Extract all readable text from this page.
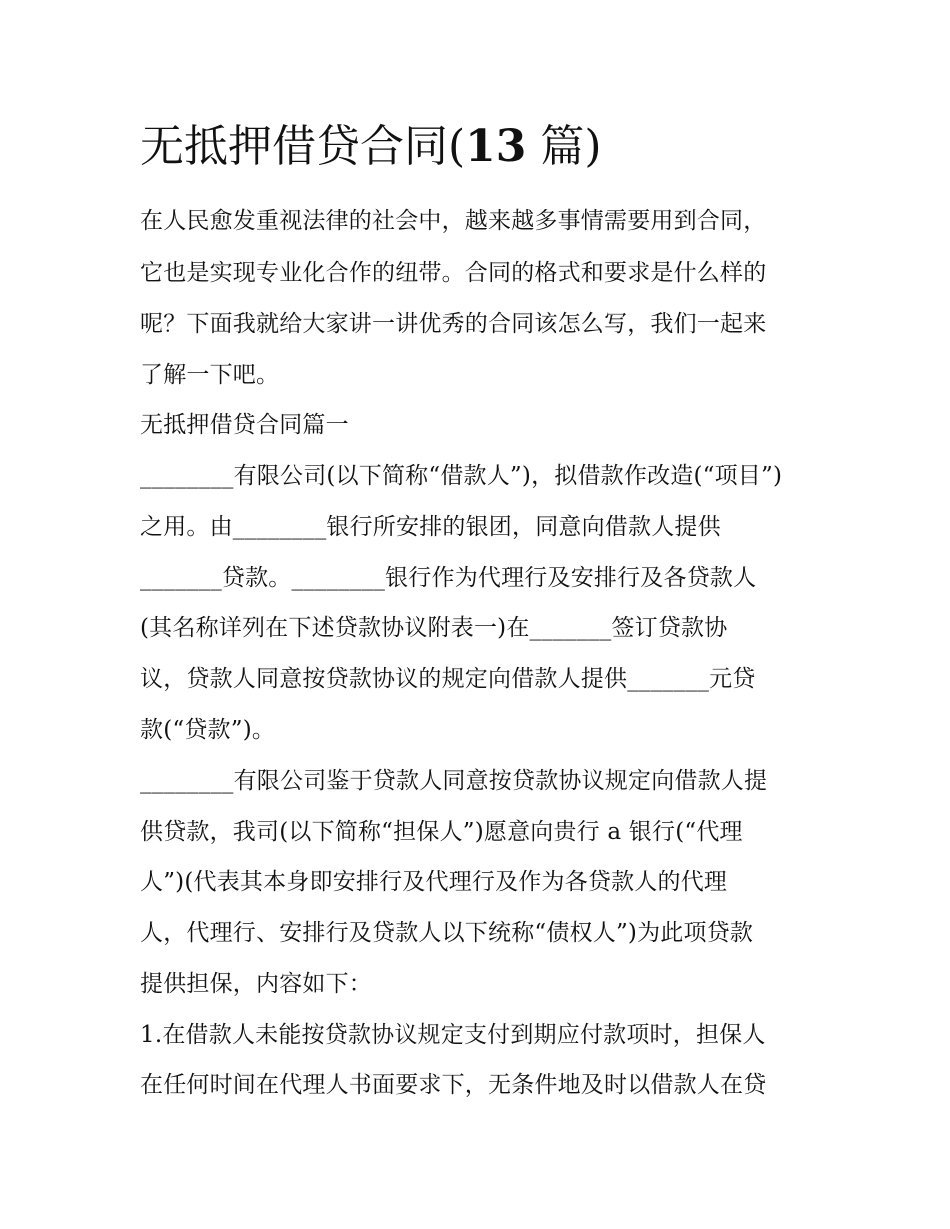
无抵押借贷合同(13 篇)
在人民愈发重视法律的社会中，越来越多事情需要用到合同，
它也是实现专业化合作的纽带。合同的格式和要求是什么样的
呢？下面我就给大家讲一讲优秀的合同该怎么写，我们一起来
了解一下吧。
无抵押借贷合同篇一
________有限公司(以下简称“借款人”)，拟借款作改造(“项目”)
之用。由________银行所安排的银团，同意向借款人提供
_______贷款。________银行作为代理行及安排行及各贷款人
(其名称详列在下述贷款协议附表一)在_______签订贷款协
议，贷款人同意按贷款协议的规定向借款人提供_______元贷
款(“贷款”)。
________有限公司鉴于贷款人同意按贷款协议规定向借款人提
供贷款，我司(以下简称“担保人”)愿意向贵行 a 银行(“代理
人”)(代表其本身即安排行及代理行及作为各贷款人的代理
人，代理行、安排行及贷款人以下统称“债权人”)为此项贷款
提供担保，内容如下：
1.在借款人未能按贷款协议规定支付到期应付款项时，担保人
在任何时间在代理人书面要求下，无条件地及时以借款人在贷
